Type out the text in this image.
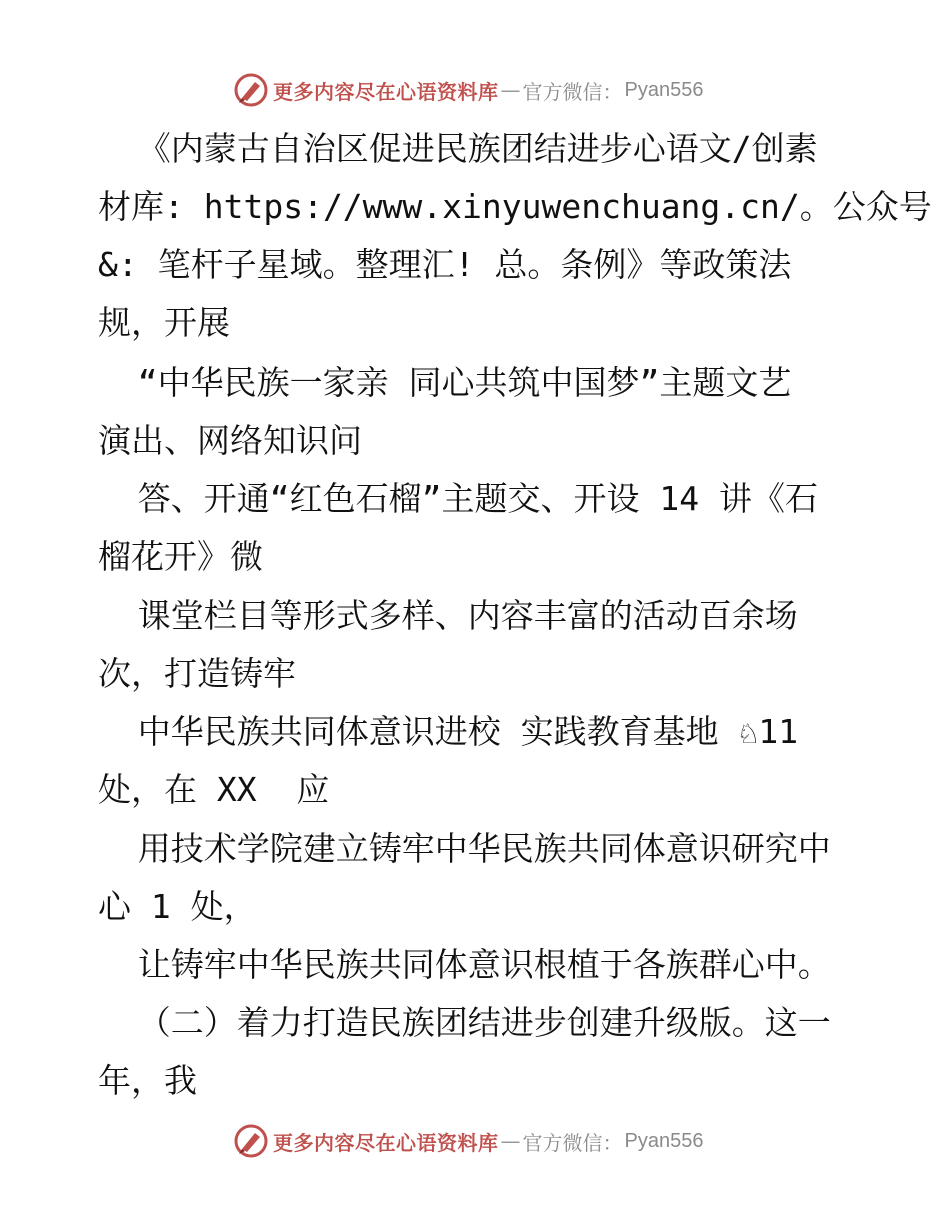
更多内容尽在心语资料库 — 官方微信： Pyan556
《内蒙古自治区促进民族团结进步心语文/创素
材库: https://www.xinyuwenchuang.cn/。公众号
&: 笔杆子星域。整理汇! 总。条例》等政策法
规，开展
“中华民族一家亲 同心共筑中国梦”主题文艺
演出、网络知识问
答、开通“红色石榴”主题交、开设 14 讲《石
榴花开》微
课堂栏目等形式多样、内容丰富的活动百余场
次，打造铸牢
中华民族共同体意识进校 实践教育基地 ♘11
处，在 XX  应
用技术学院建立铸牢中华民族共同体意识研究中
心 1 处，
让铸牢中华民族共同体意识根植于各族群心中。
（二）着力打造民族团结进步创建升级版。这一
年，我
更多内容尽在心语资料库 — 官方微信： Pyan556
